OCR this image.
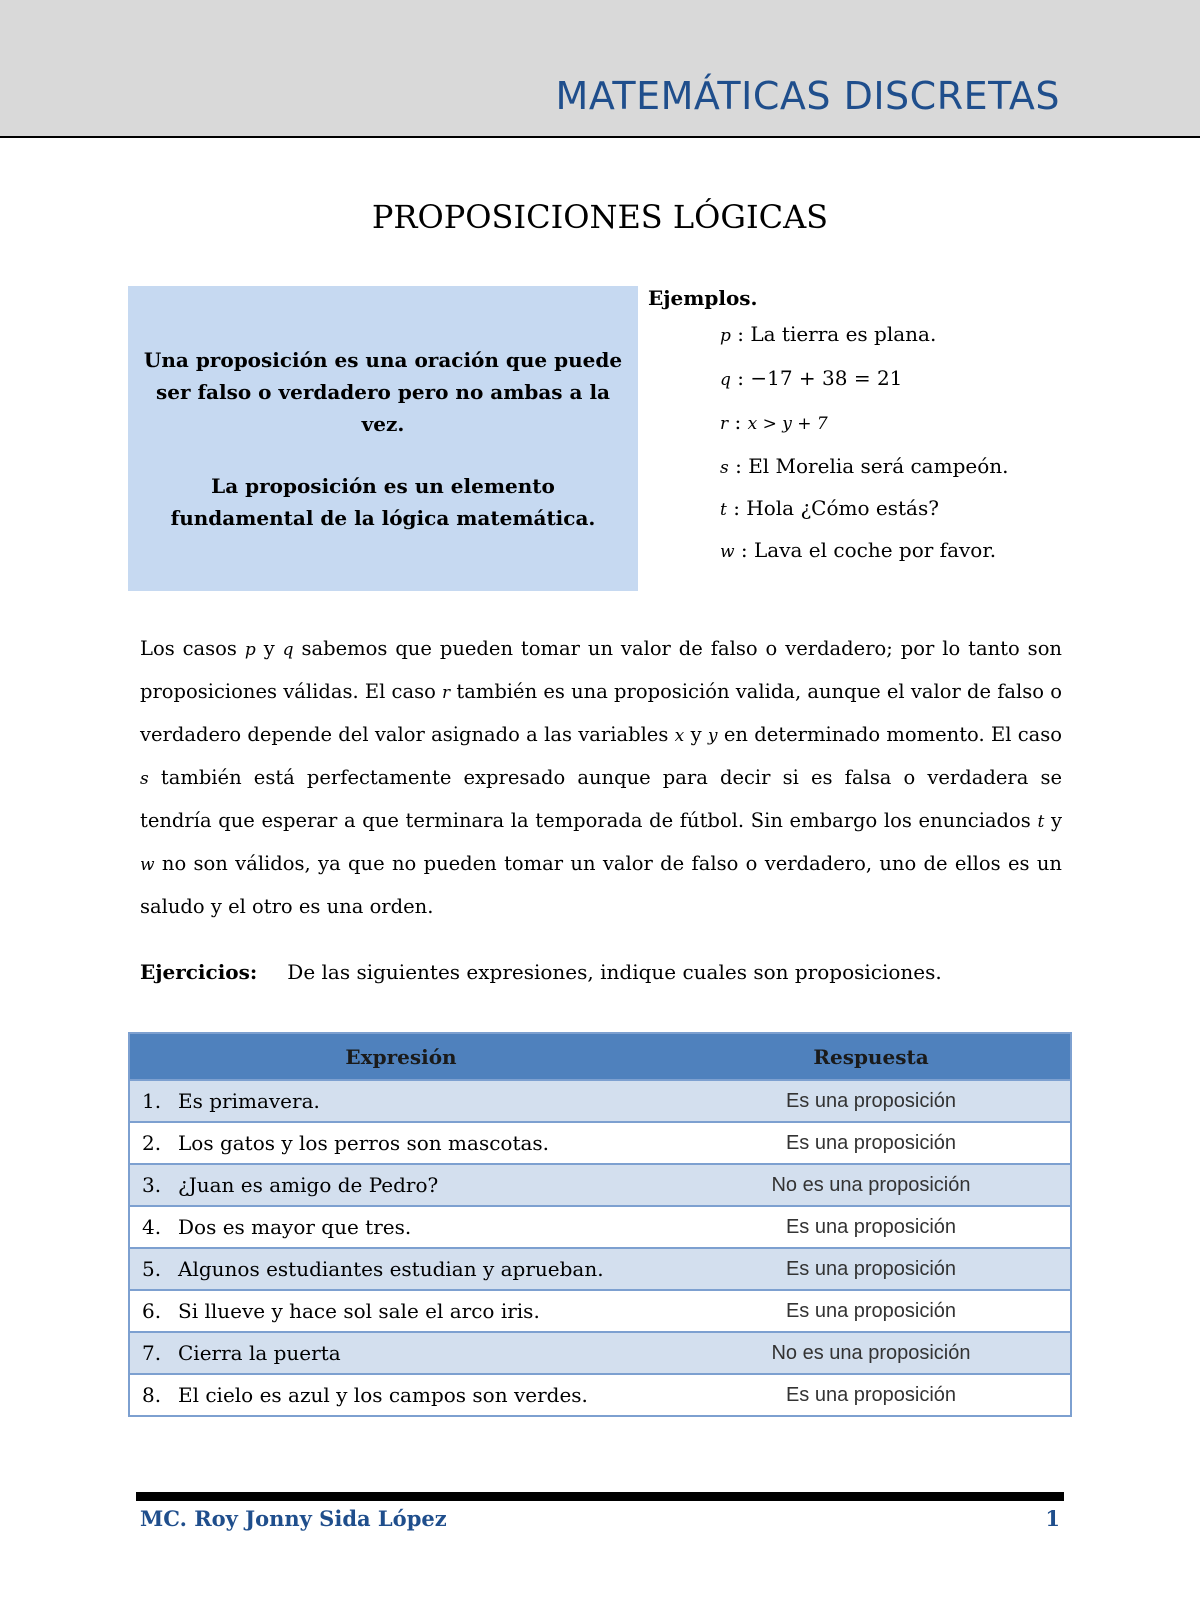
MATEMÁTICAS DISCRETAS
PROPOSICIONES LÓGICAS

Una proposición es una oración que puede ser falso o verdadero pero no ambas a la vez.

La proposición es un elemento fundamental de la lógica matemática.

Ejemplos.
p : La tierra es plana.
q : −17 + 38 = 21
r : x > y + 7
s : El Morelia será campeón.
t : Hola ¿Cómo estás?
w : Lava el coche por favor.
Los casos p y q sabemos que pueden tomar un valor de falso o verdadero; por lo tanto son proposiciones válidas. El caso r también es una proposición valida, aunque el valor de falso o verdadero depende del valor asignado a las variables x y y en determinado momento. El caso s también está perfectamente expresado aunque para decir si es falsa o verdadera se tendría que esperar a que terminara la temporada de fútbol. Sin embargo los enunciados t y w no son válidos, ya que no pueden tomar un valor de falso o verdadero, uno de ellos es un saludo y el otro es una orden.
Ejercicios: De las siguientes expresiones, indique cuales son proposiciones.
Expresión	Respuesta
1. Es primavera.	Es una proposición
2. Los gatos y los perros son mascotas.	Es una proposición
3. ¿Juan es amigo de Pedro?	No es una proposición
4. Dos es mayor que tres.	Es una proposición
5. Algunos estudiantes estudian y aprueban.	Es una proposición
6. Si llueve y hace sol sale el arco iris.	Es una proposición
7. Cierra la puerta	No es una proposición
8. El cielo es azul y los campos son verdes.	Es una proposición
MC. Roy Jonny Sida López	1
